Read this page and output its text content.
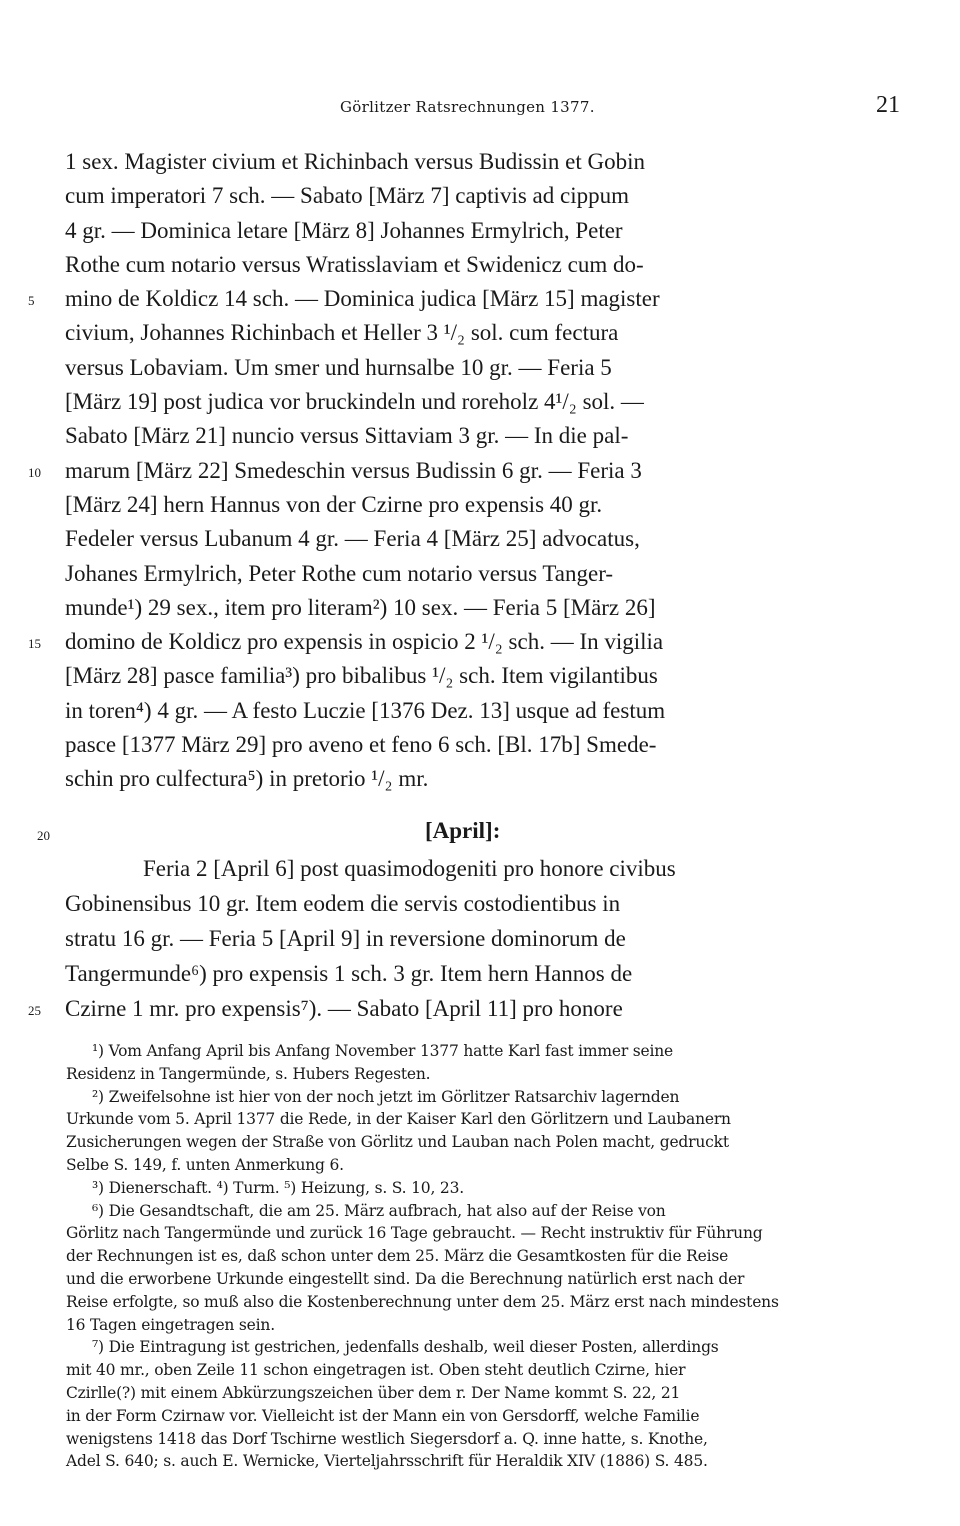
Görlitzer Ratsrechnungen 1377.	21
1 sex. Magister civium et Richinbach versus Budissin et Gobin
cum imperatori 7 sch. — Sabato [März 7] captivis ad cippum
4 gr. — Dominica letare [März 8] Johannes Ermylrich, Peter
Rothe cum notario versus Wratisslaviam et Swidenicz cum do-
5	mino de Koldicz 14 sch. — Dominica judica [März 15] magister
civium, Johannes Richinbach et Heller 3 ¹/₂ sol. cum fectura
versus Lobaviam. Um smer und hurnsalbe 10 gr. — Feria 5
[März 19] post judica vor bruckindeln und roreholz 4¹/₂ sol. —
Sabato [März 21] nuncio versus Sittaviam 3 gr. — In die pal-
10	marum [März 22] Smedeschin versus Budissin 6 gr. — Feria 3
[März 24] hern Hannus von der Czirne pro expensis 40 gr.
Fedeler versus Lubanum 4 gr. — Feria 4 [März 25] advocatus,
Johanes Ermylrich, Peter Rothe cum notario versus Tanger-
munde¹) 29 sex., item pro literam²) 10 sex. — Feria 5 [März 26]
15	domino de Koldicz pro expensis in ospicio 2 ¹/₂ sch. — In vigilia
[März 28] pasce familia³) pro bibalibus ¹/₂ sch. Item vigilantibus
in toren⁴) 4 gr. — A festo Luczie [1376 Dez. 13] usque ad festum
pasce [1377 März 29] pro aveno et feno 6 sch. [Bl. 17b] Smede-
schin pro culfectura⁵) in pretorio ¹/₂ mr.
20	[April]:
Feria 2 [April 6] post quasimodogeniti pro honore civibus
Gobinensibus 10 gr. Item eodem die servis costodientibus in
stratu 16 gr. — Feria 5 [April 9] in reversione dominorum de
Tangermunde⁶) pro expensis 1 sch. 3 gr. Item hern Hannos de
25	Czirne 1 mr. pro expensis⁷). — Sabato [April 11] pro honore
¹) Vom Anfang April bis Anfang November 1377 hatte Karl fast immer seine
Residenz in Tangermünde, s. Hubers Regesten.
²) Zweifelsohne ist hier von der noch jetzt im Görlitzer Ratsarchiv lagernden
Urkunde vom 5. April 1377 die Rede, in der Kaiser Karl den Görlitzern und Laubanern
Zusicherungen wegen der Straße von Görlitz und Lauban nach Polen macht, gedruckt
Selbe S. 149, f. unten Anmerkung 6.
³) Dienerschaft. ⁴) Turm. ⁵) Heizung, s. S. 10, 23.
⁶) Die Gesandtschaft, die am 25. März aufbrach, hat also auf der Reise von
Görlitz nach Tangermünde und zurück 16 Tage gebraucht. — Recht instruktiv für Führung
der Rechnungen ist es, daß schon unter dem 25. März die Gesamtkosten für die Reise
und die erworbene Urkunde eingestellt sind. Da die Berechnung natürlich erst nach der
Reise erfolgte, so muß also die Kostenberechnung unter dem 25. März erst nach mindestens
16 Tagen eingetragen sein.
⁷) Die Eintragung ist gestrichen, jedenfalls deshalb, weil dieser Posten, allerdings
mit 40 mr., oben Zeile 11 schon eingetragen ist. Oben steht deutlich Czirne, hier
Czirlle(?) mit einem Abkürzungszeichen über dem r. Der Name kommt S. 22, 21
in der Form Czirnaw vor. Vielleicht ist der Mann ein von Gersdorff, welche Familie
wenigstens 1418 das Dorf Tschirne westlich Siegersdorf a. Q. inne hatte, s. Knothe,
Adel S. 640; s. auch E. Wernicke, Vierteljahrsschrift für Heraldik XIV (1886) S. 485.
